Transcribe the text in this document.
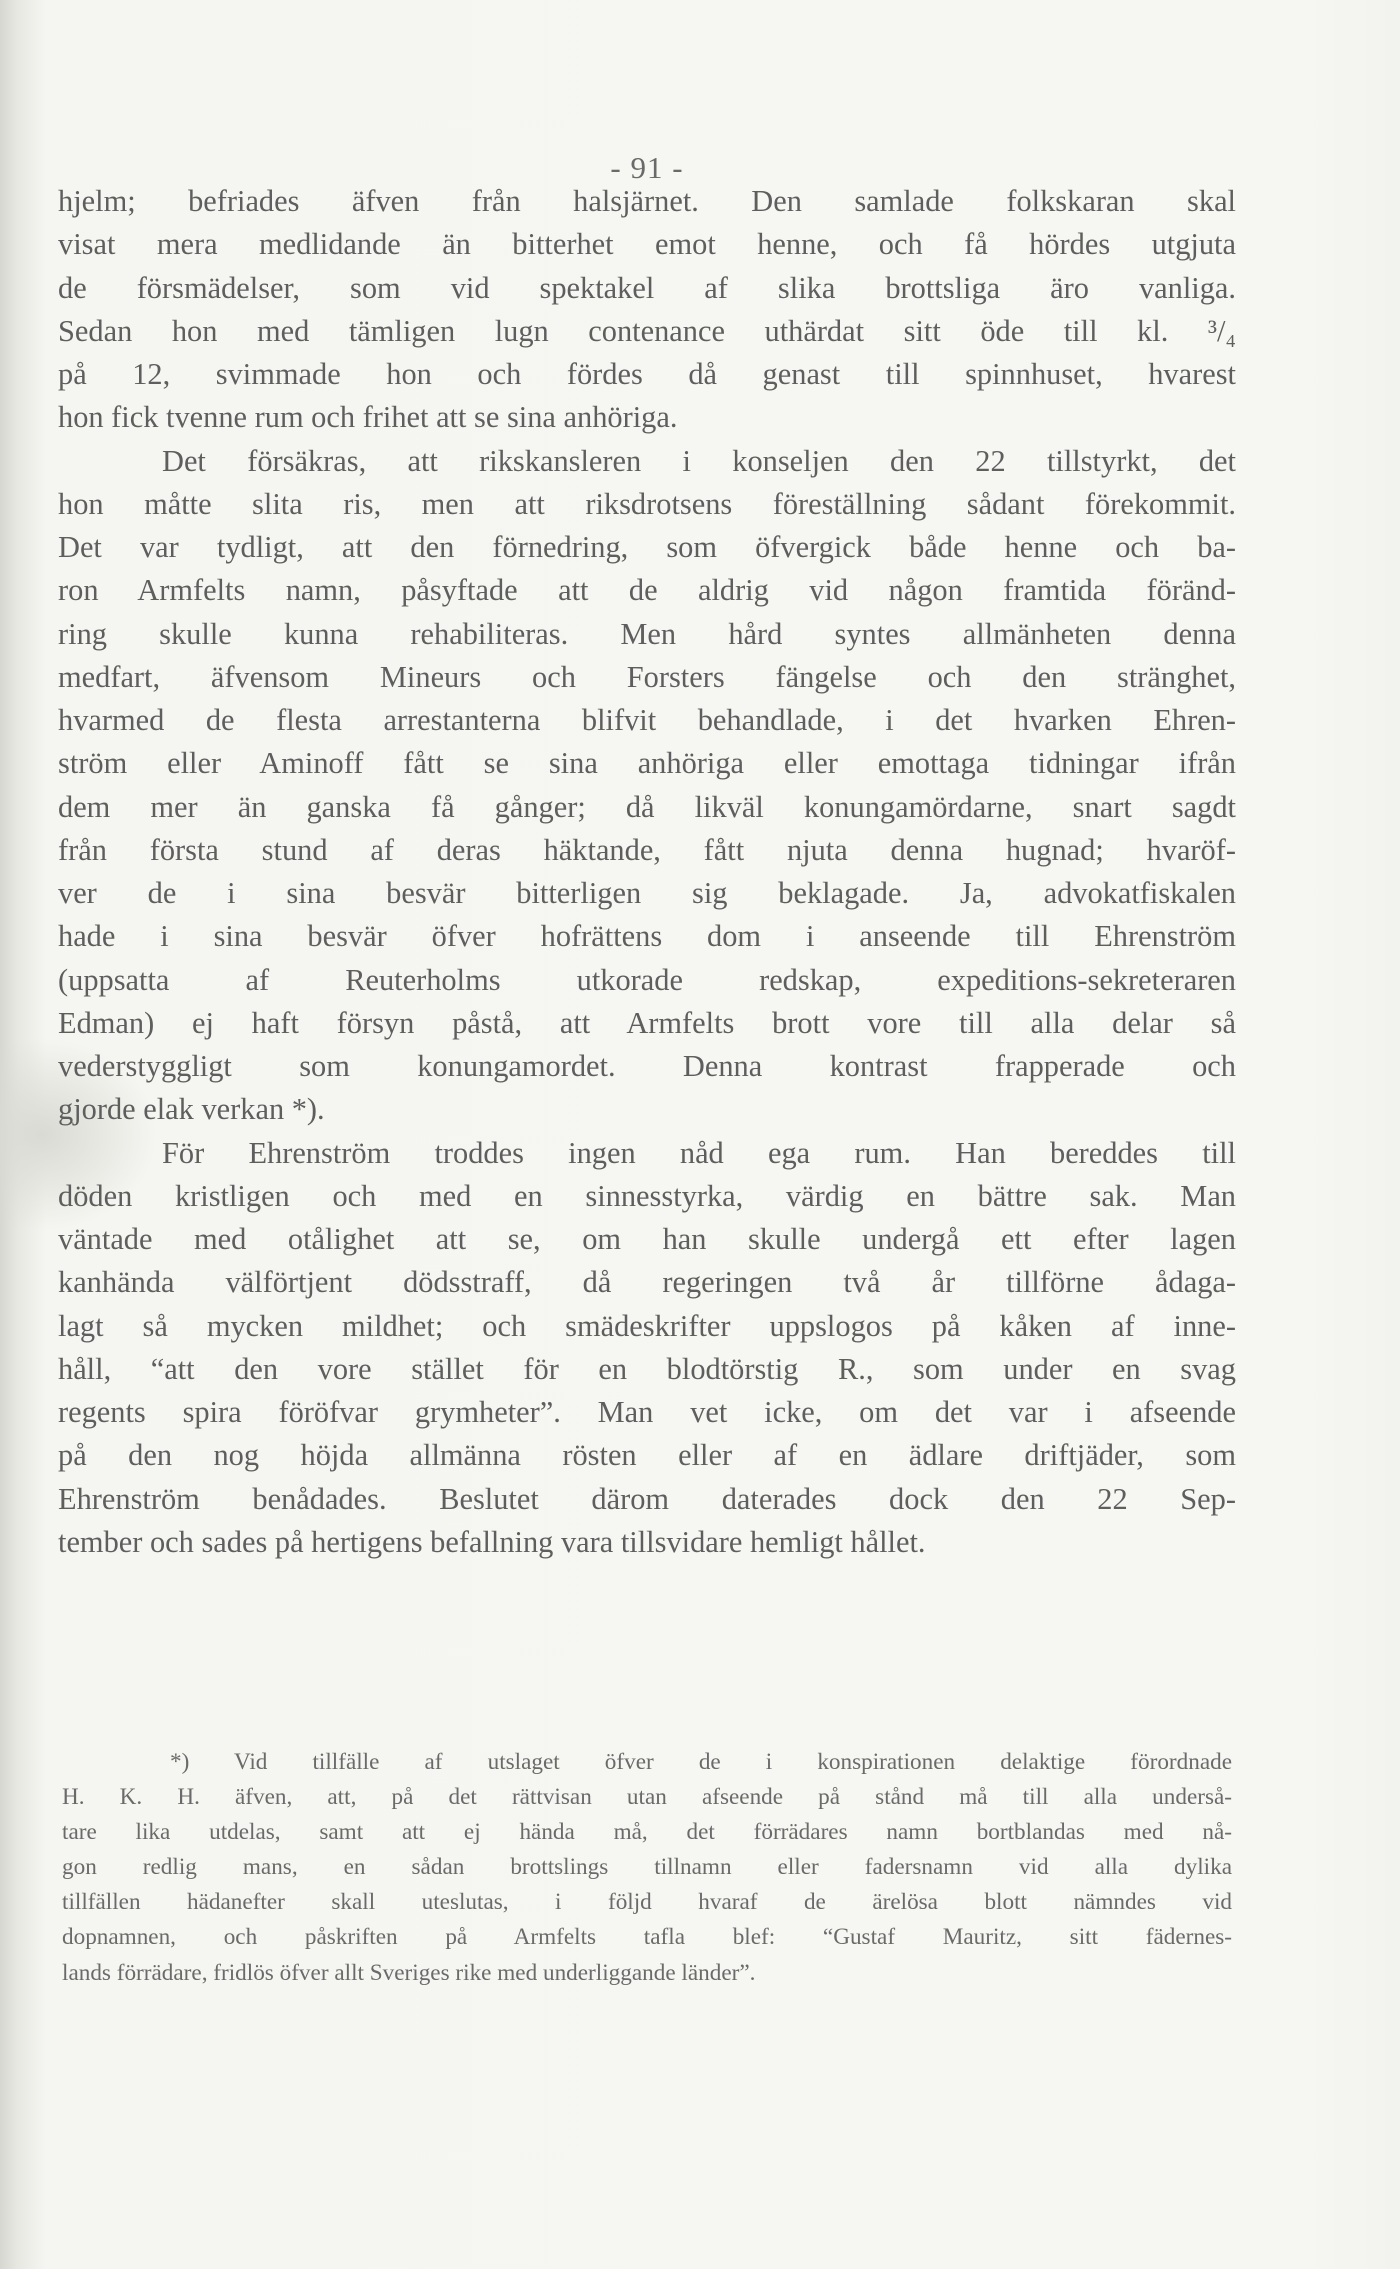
- 91 -
hjelm; befriades äfven från halsjärnet. Den samlade folkskaran skal
visat mera medlidande än bitterhet emot henne, och få hördes utgjuta
de försmädelser, som vid spektakel af slika brottsliga äro vanliga.
Sedan hon med tämligen lugn contenance uthärdat sitt öde till kl. ³/₄
på 12, svimmade hon och fördes då genast till spinnhuset, hvarest
hon fick tvenne rum och frihet att se sina anhöriga.
Det försäkras, att rikskansleren i konseljen den 22 tillstyrkt, det
hon måtte slita ris, men att riksdrotsens föreställning sådant förekommit.
Det var tydligt, att den förnedring, som öfvergick både henne och ba-
ron Armfelts namn, påsyftade att de aldrig vid någon framtida föränd-
ring skulle kunna rehabiliteras. Men hård syntes allmänheten denna
medfart, äfvensom Mineurs och Forsters fängelse och den stränghet,
hvarmed de flesta arrestanterna blifvit behandlade, i det hvarken Ehren-
ström eller Aminoff fått se sina anhöriga eller emottaga tidningar ifrån
dem mer än ganska få gånger; då likväl konungamördarne, snart sagdt
från första stund af deras häktande, fått njuta denna hugnad; hvaröf-
ver de i sina besvär bitterligen sig beklagade. Ja, advokatfiskalen
hade i sina besvär öfver hofrättens dom i anseende till Ehrenström
(uppsatta af Reuterholms utkorade redskap, expeditions-sekreteraren
Edman) ej haft försyn påstå, att Armfelts brott vore till alla delar så
vederstyggligt som konungamordet. Denna kontrast frapperade och
gjorde elak verkan *).
För Ehrenström troddes ingen nåd ega rum. Han bereddes till
döden kristligen och med en sinnesstyrka, värdig en bättre sak. Man
väntade med otålighet att se, om han skulle undergå ett efter lagen
kanhända välförtjent dödsstraff, då regeringen två år tillförne ådaga-
lagt så mycken mildhet; och smädeskrifter uppslogos på kåken af inne-
håll, “att den vore stället för en blodtörstig R., som under en svag
regents spira föröfvar grymheter”. Man vet icke, om det var i afseende
på den nog höjda allmänna rösten eller af en ädlare driftjäder, som
Ehrenström benådades. Beslutet därom daterades dock den 22 Sep-
tember och sades på hertigens befallning vara tillsvidare hemligt hållet.
*) Vid tillfälle af utslaget öfver de i konspirationen delaktige förordnade
H. K. H. äfven, att, på det rättvisan utan afseende på stånd må till alla underså-
tare lika utdelas, samt att ej hända må, det förrädares namn bortblandas med nå-
gon redlig mans, en sådan brottslings tillnamn eller fadersnamn vid alla dylika
tillfällen hädanefter skall uteslutas, i följd hvaraf de ärelösa blott nämndes vid
dopnamnen, och påskriften på Armfelts tafla blef: “Gustaf Mauritz, sitt fädernes-
lands förrädare, fridlös öfver allt Sveriges rike med underliggande länder”.
